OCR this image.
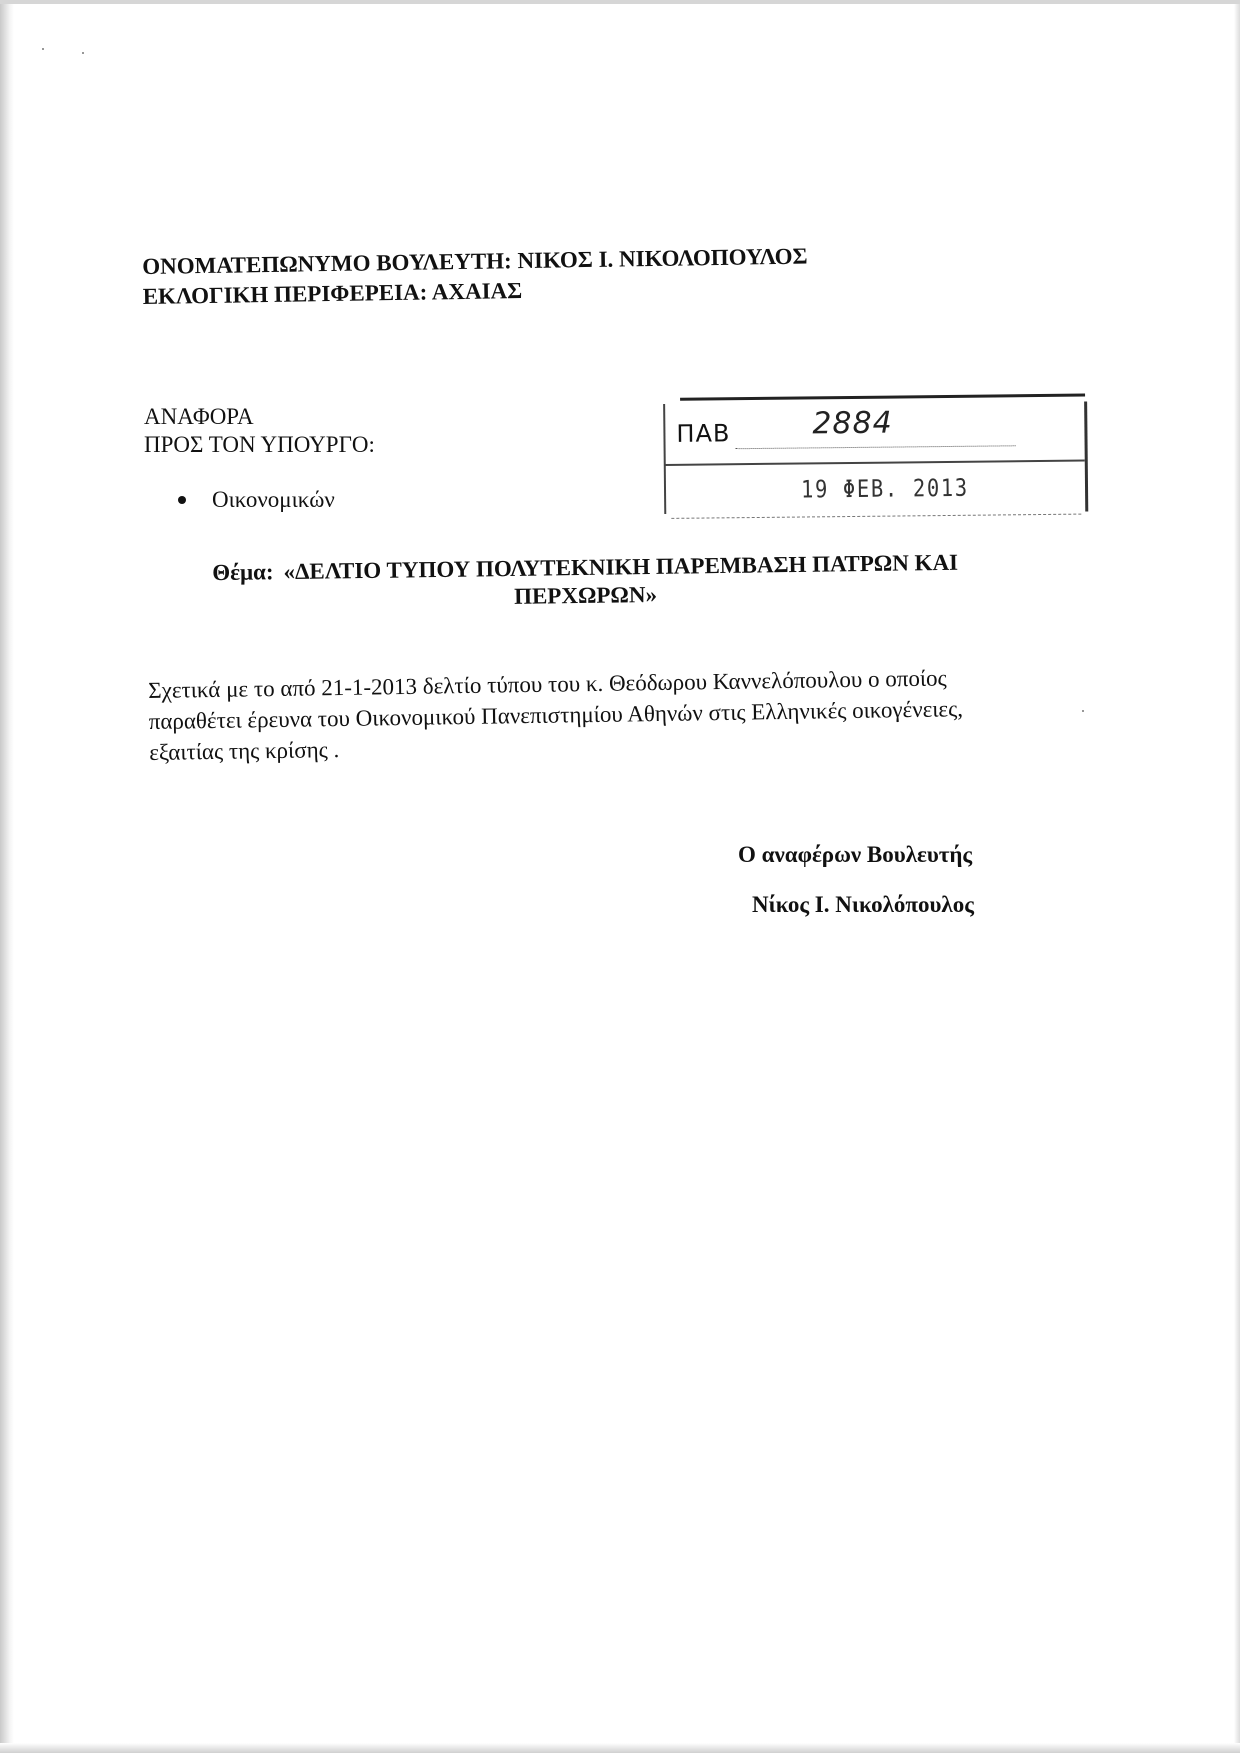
ΟΝΟΜΑΤΕΠΩΝΥΜΟ ΒΟΥΛΕΥΤΗ: ΝΙΚΟΣ Ι. ΝΙΚΟΛΟΠΟΥΛΟΣ
ΕΚΛΟΓΙΚΗ ΠΕΡΙΦΕΡΕΙΑ: ΑΧΑΙΑΣ
ΑΝΑΦΟΡΑ
ΠΡΟΣ ΤΟΝ ΥΠΟΥΡΓΟ:
Οικονομικών
ΠΑΒ	2884
19 ΦΕΒ. 2013
Θέμα: «ΔΕΛΤΙΟ ΤΥΠΟΥ ΠΟΛΥΤΕΚΝΙΚΗ ΠΑΡΕΜΒΑΣΗ ΠΑΤΡΩΝ ΚΑΙ
ΠΕΡΧΩΡΩΝ»
Σχετικά με το από 21-1-2013 δελτίο τύπου του κ. Θεόδωρου Καννελόπουλου ο οποίος
παραθέτει έρευνα του Οικονομικού Πανεπιστημίου Αθηνών στις Ελληνικές οικογένειες,
εξαιτίας της κρίσης .
Ο αναφέρων Βουλευτής
Νίκος Ι. Νικολόπουλος
